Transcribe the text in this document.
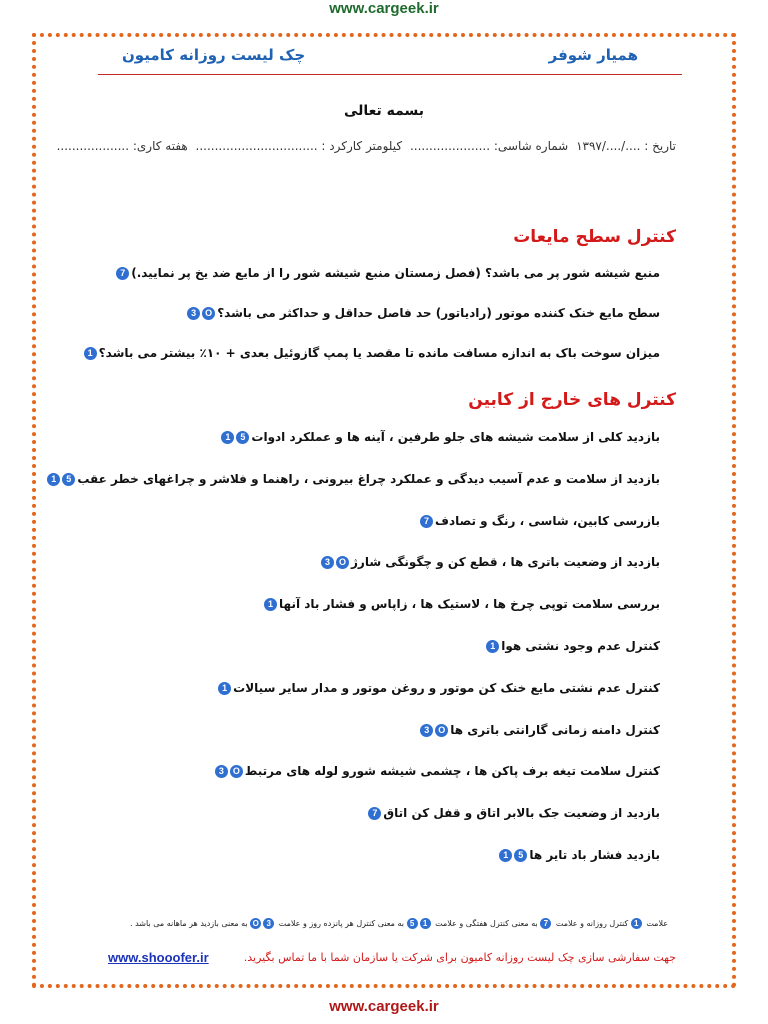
www.cargeek.ir
همیار شوفر
چک لیست روزانه کامیون
بسمه تعالی
تاریخ : ..../..../۱۳۹۷ شماره شاسی: ..................... کیلومتر کارکرد : ................................ هفته کاری: ...................
کنترل سطح مایعات
منبع شیشه شور پر می باشد؟ (فصل زمستان منبع شیشه شور را از مایع ضد یخ پر نمایید.)7
سطح مایع خنک کننده موتور (رادیاتور) حد فاصل حداقل و حداکثر می باشد؟O3
میزان سوخت باک به اندازه مسافت مانده تا مقصد یا پمپ گازوئیل بعدی + ۱۰٪ بیشتر می باشد؟1
کنترل های خارج از کابین
بازدید کلی از سلامت شیشه های جلو طرفین ، آینه ها و عملکرد ادوات51
بازدید از سلامت و عدم آسیب دیدگی و عملکرد چراغ بیرونی ، راهنما و فلاشر و چراغهای خطر عقب51
بازرسی کابین، شاسی ، رنگ و تصادف7
بازدید از وضعیت باتری ها ، قطع کن و چگونگی شارژO3
بررسی سلامت توپی چرخ ها ، لاستیک ها ، زاپاس و فشار باد آنها1
کنترل عدم وجود نشتی هوا1
کنترل عدم نشتی مایع خنک کن موتور و روغن موتور و مدار سایر سیالات1
کنترل دامنه زمانی گارانتی باتری هاO3
کنترل سلامت تیغه برف پاکن ها ، چشمی شیشه شورو لوله های مرتبطO3
بازدید از وضعیت جک بالابر اتاق و قفل کن اتاق7
بازدید فشار باد تایر ها51
علامت 1 کنترل روزانه و علامت 7 به معنی کنترل هفتگی و علامت 15 به معنی کنترل هر پانزده روز و علامت 3O به معنی بازدید هر ماهانه می باشد .
جهت سفارشی سازی چک لیست روزانه کامیون برای شرکت یا سازمان شما با ما تماس بگیرید.
www.shooofer.ir
www.cargeek.ir
